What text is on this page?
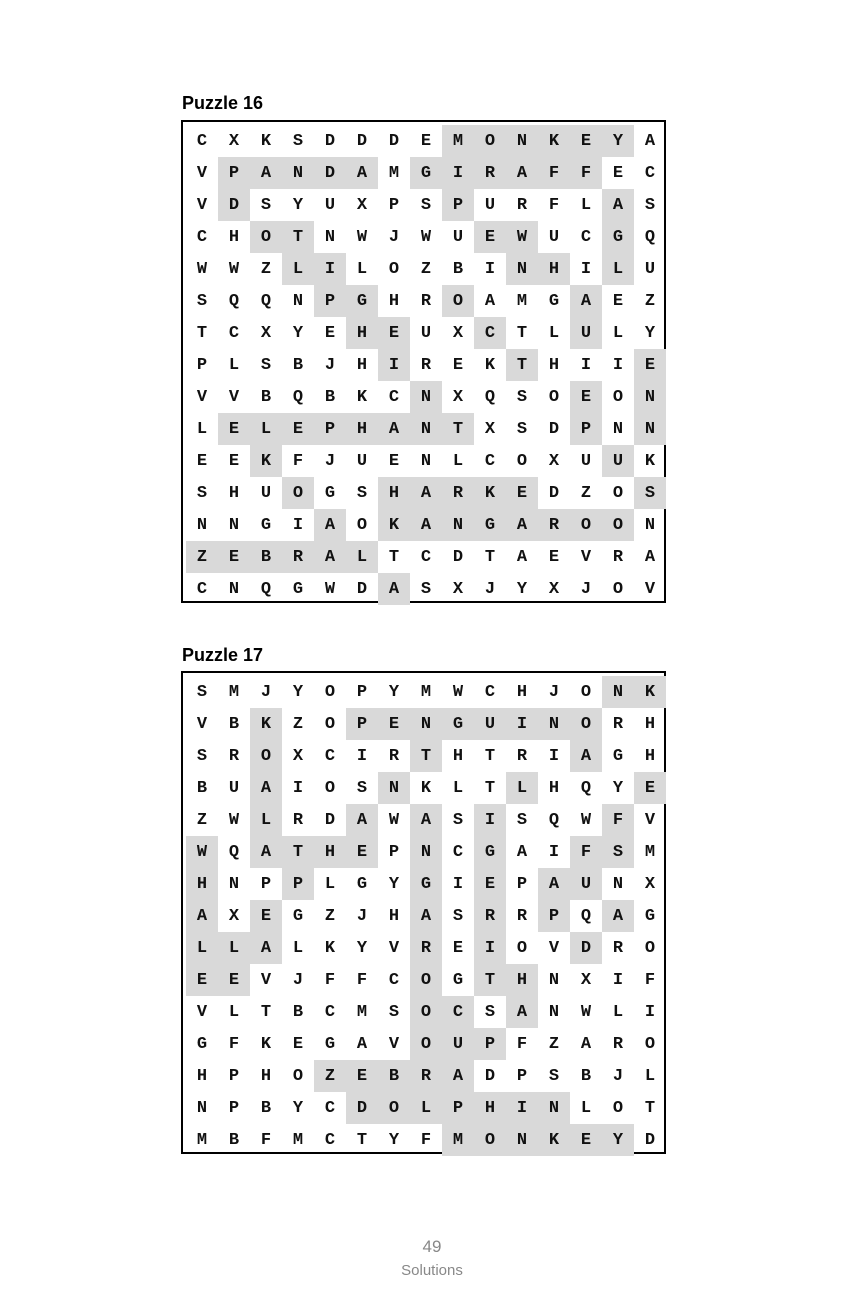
Puzzle 16
C	X	K	S	D	D	D	E	M	O	N	K	E	Y	A
V	P	A	N	D	A	M	G	I	R	A	F	F	E	C
V	D	S	Y	U	X	P	S	P	U	R	F	L	A	S
C	H	O	T	N	W	J	W	U	E	W	U	C	G	Q
W	W	Z	L	I	L	O	Z	B	I	N	H	I	L	U
S	Q	Q	N	P	G	H	R	O	A	M	G	A	E	Z
T	C	X	Y	E	H	E	U	X	C	T	L	U	L	Y
P	L	S	B	J	H	I	R	E	K	T	H	I	I	E
V	V	B	Q	B	K	C	N	X	Q	S	O	E	O	N
L	E	L	E	P	H	A	N	T	X	S	D	P	N	N
E	E	K	F	J	U	E	N	L	C	O	X	U	U	K
S	H	U	O	G	S	H	A	R	K	E	D	Z	O	S
N	N	G	I	A	O	K	A	N	G	A	R	O	O	N
Z	E	B	R	A	L	T	C	D	T	A	E	V	R	A
C	N	Q	G	W	D	A	S	X	J	Y	X	J	O	V
Puzzle 17
S	M	J	Y	O	P	Y	M	W	C	H	J	O	N	K
V	B	K	Z	O	P	E	N	G	U	I	N	O	R	H
S	R	O	X	C	I	R	T	H	T	R	I	A	G	H
B	U	A	I	O	S	N	K	L	T	L	H	Q	Y	E
Z	W	L	R	D	A	W	A	S	I	S	Q	W	F	V
W	Q	A	T	H	E	P	N	C	G	A	I	F	S	M
H	N	P	P	L	G	Y	G	I	E	P	A	U	N	X
A	X	E	G	Z	J	H	A	S	R	R	P	Q	A	G
L	L	A	L	K	Y	V	R	E	I	O	V	D	R	O
E	E	V	J	F	F	C	O	G	T	H	N	X	I	F
V	L	T	B	C	M	S	O	C	S	A	N	W	L	I
G	F	K	E	G	A	V	O	U	P	F	Z	A	R	O
H	P	H	O	Z	E	B	R	A	D	P	S	B	J	L
N	P	B	Y	C	D	O	L	P	H	I	N	L	O	T
M	B	F	M	C	T	Y	F	M	O	N	K	E	Y	D
49
Solutions
